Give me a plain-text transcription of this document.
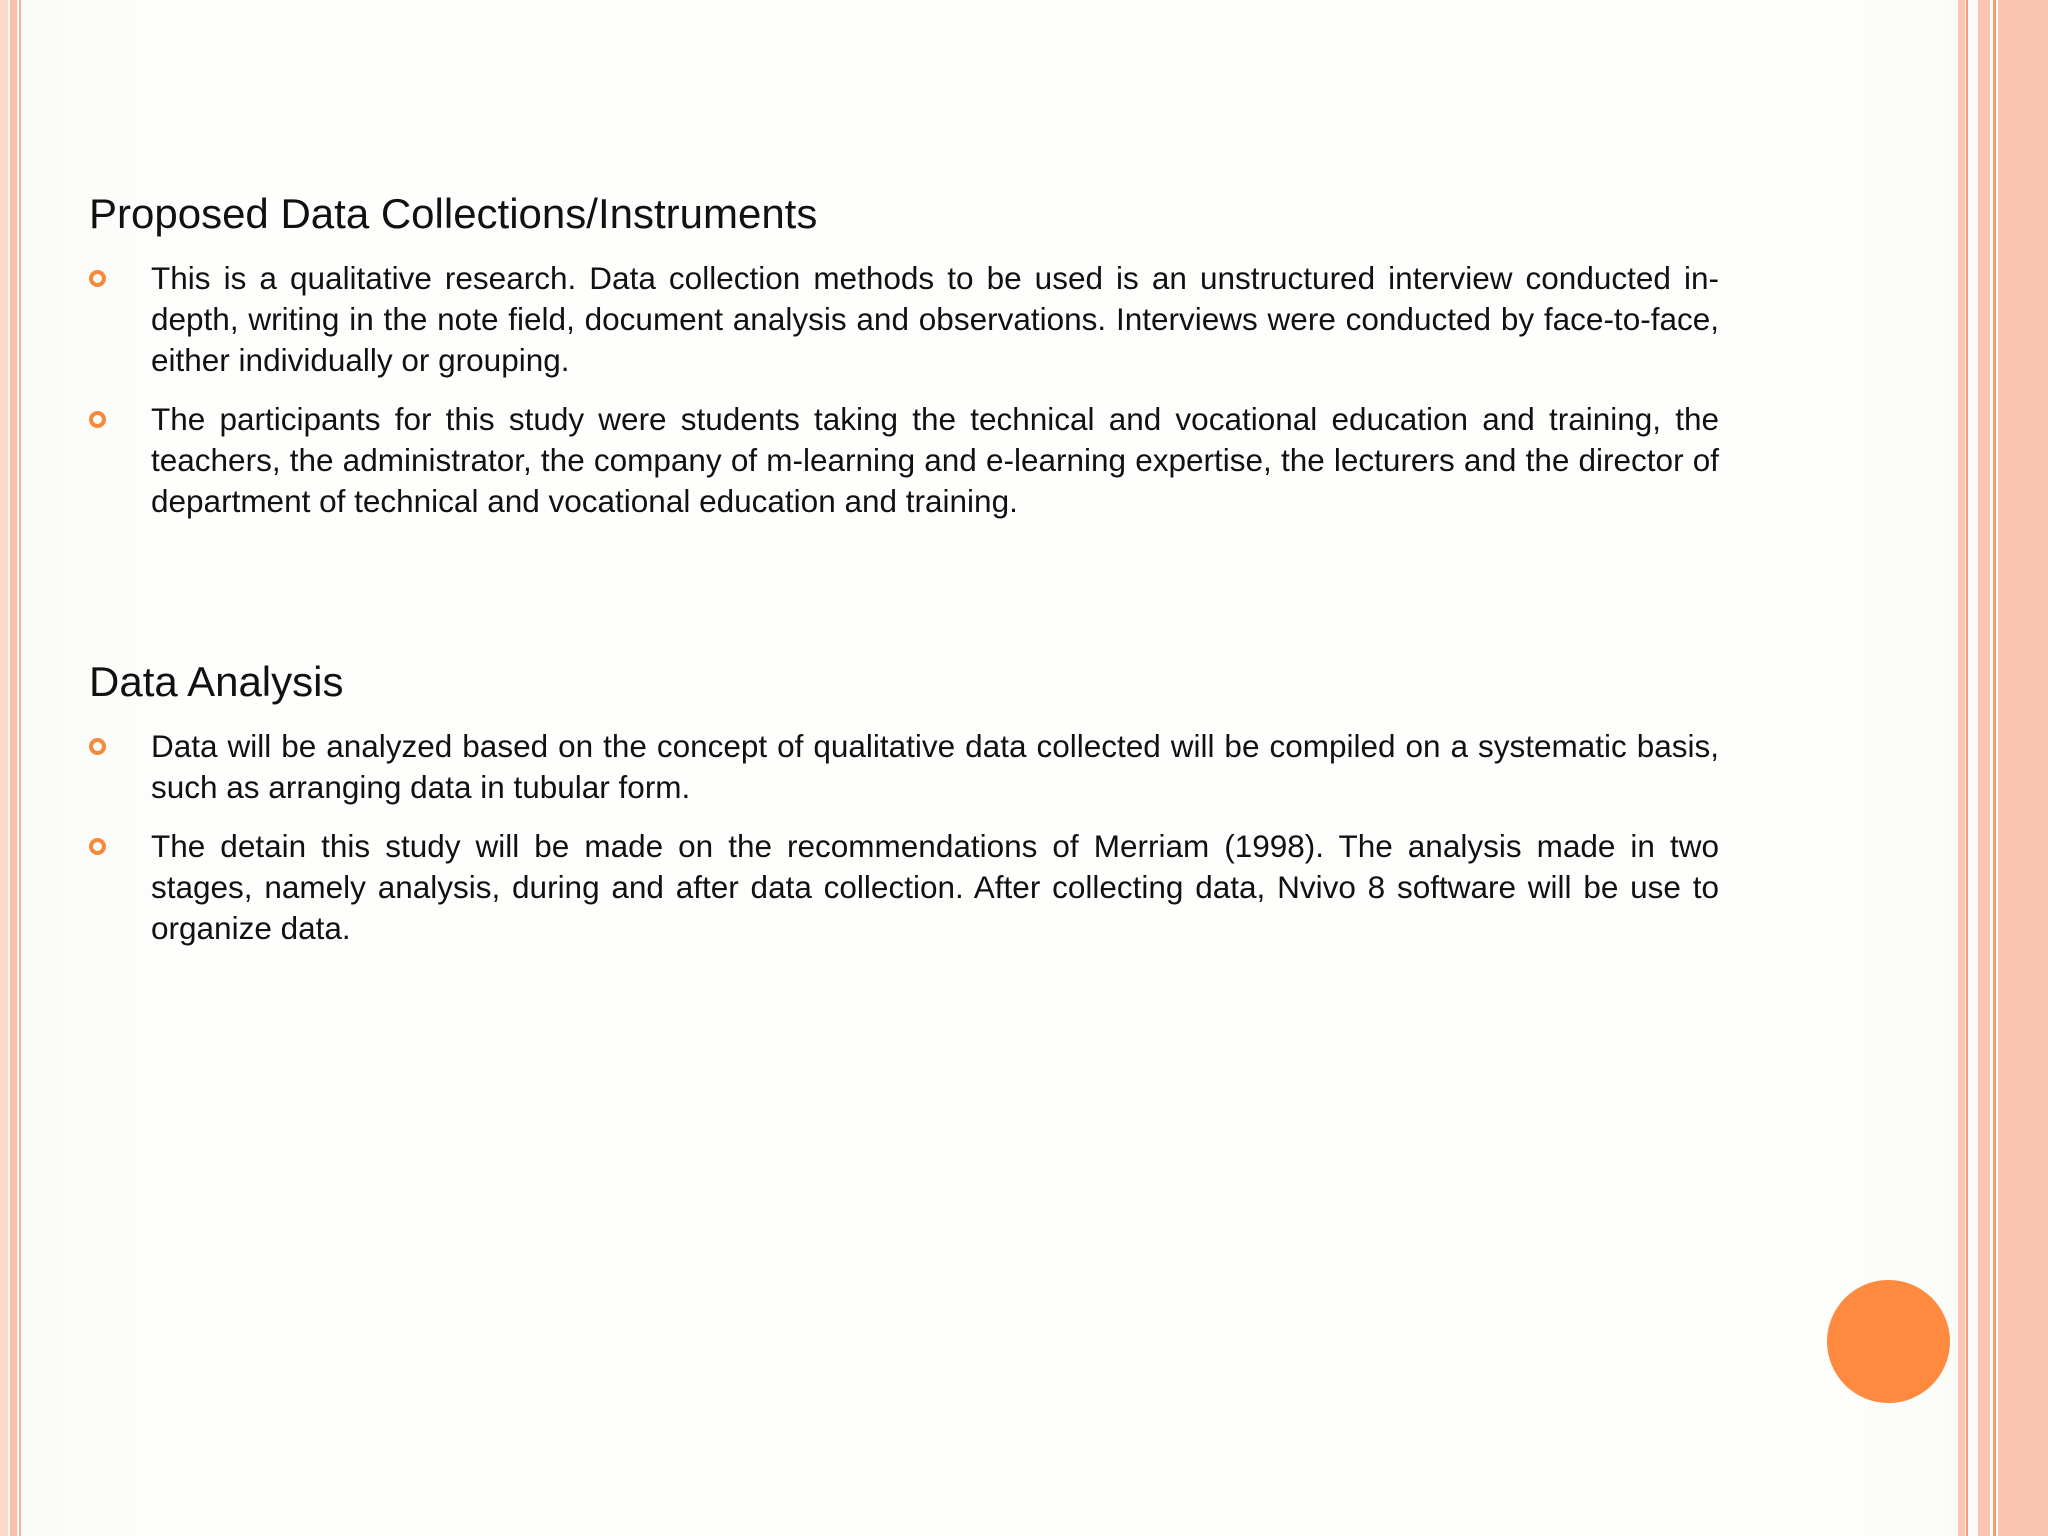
Proposed Data Collections/Instruments
This is a qualitative research. Data collection methods to be used is an unstructured interview conducted in-depth, writing in the note field, document analysis and observations. Interviews were conducted by face-to-face, either individually or grouping.
The participants for this study were students taking the technical and vocational education and training, the teachers, the administrator, the company of m-learning and e-learning expertise, the lecturers and the director of department of technical and vocational education and training.
Data Analysis
Data will be analyzed based on the concept of qualitative data collected will be compiled on a systematic basis, such as arranging data in tubular form.
The detain this study will be made on the recommendations of Merriam (1998). The analysis made in two stages, namely analysis, during and after data collection. After collecting data, Nvivo 8 software will be use to organize data.
